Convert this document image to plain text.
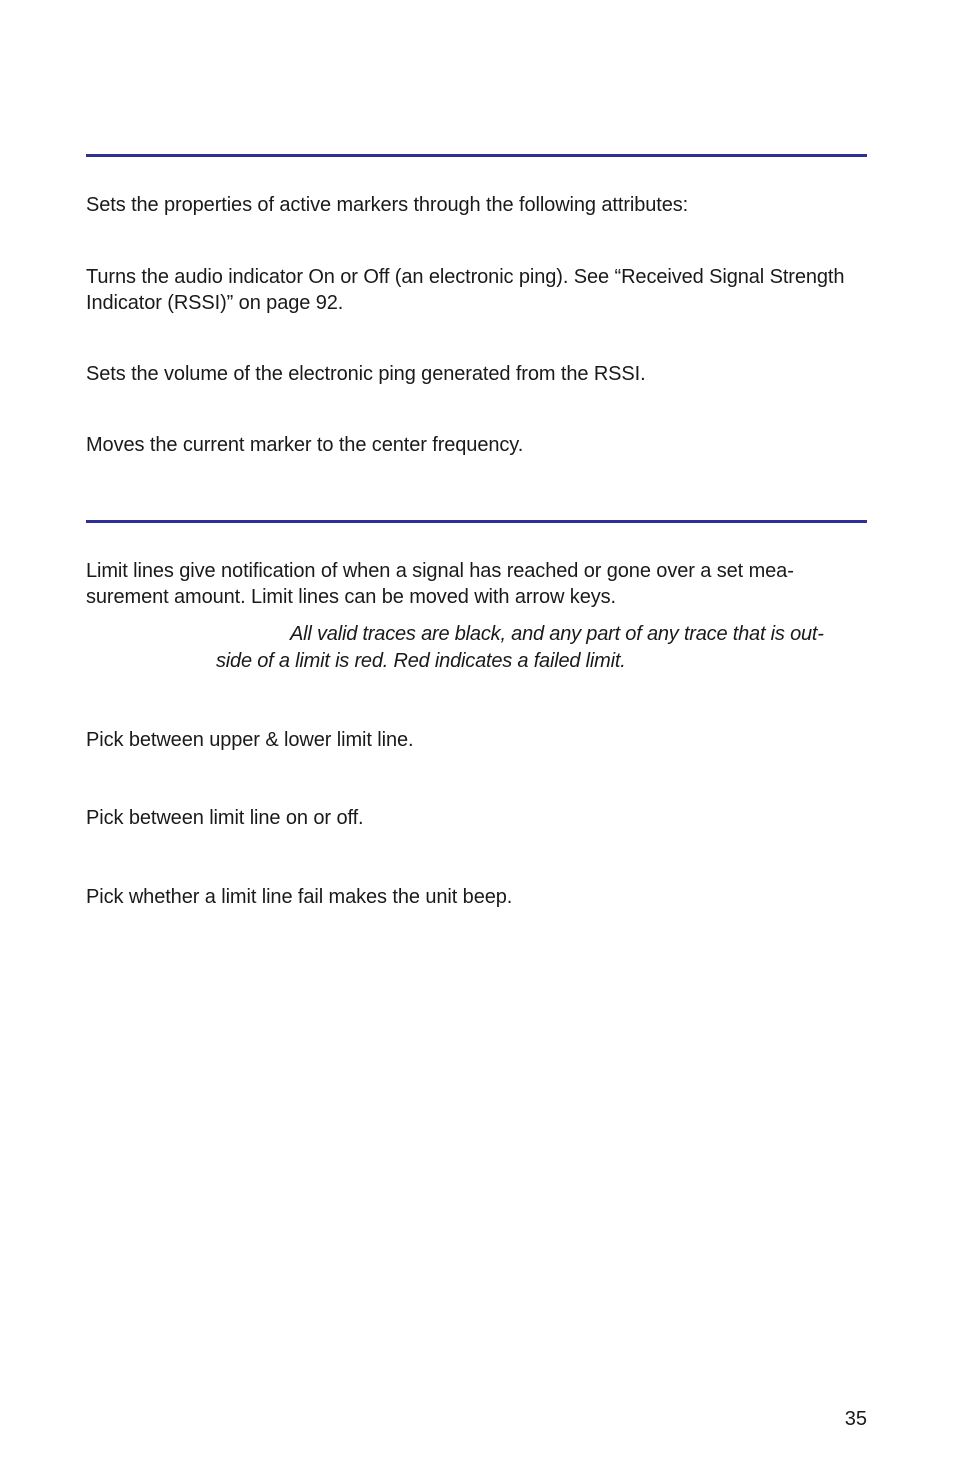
Sets the properties of active markers through the following attributes:

Turns the audio indicator On or Off (an electronic ping). See “Received Signal Strength Indicator (RSSI)” on page 92.

Sets the volume of the electronic ping generated from the RSSI.

Moves the current marker to the center frequency.

Limit lines give notification of when a signal has reached or gone over a set mea-surement amount. Limit lines can be moved with arrow keys.

All valid traces are black, and any part of any trace that is out-
side of a limit is red. Red indicates a failed limit.

Pick between upper & lower limit line.

Pick between limit line on or off.

Pick whether a limit line fail makes the unit beep.

35
